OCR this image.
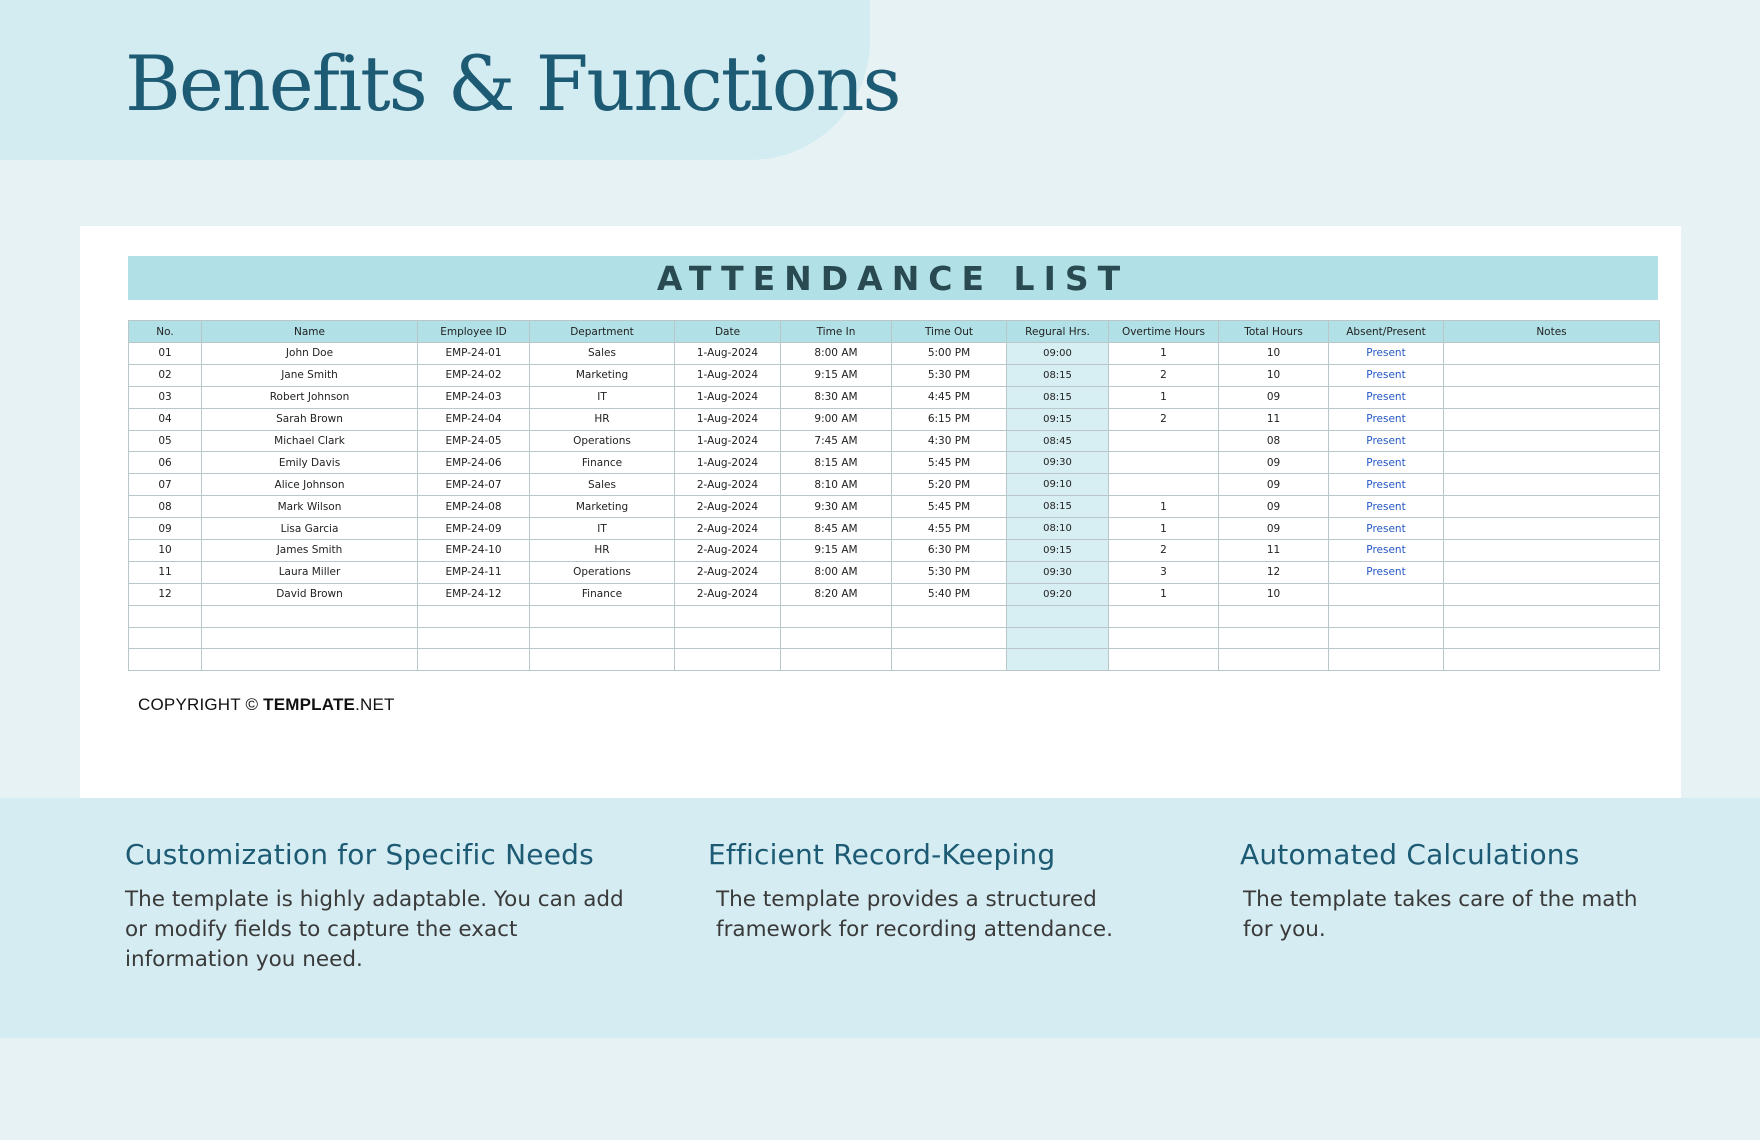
Benefits & Functions
ATTENDANCE LIST
No.	Name	Employee ID	Department	Date	Time In	Time Out	Regural Hrs.	Overtime Hours	Total Hours	Absent/Present	Notes
01	John Doe	EMP-24-01	Sales	1-Aug-2024	8:00 AM	5:00 PM	09:00	1	10	Present	
02	Jane Smith	EMP-24-02	Marketing	1-Aug-2024	9:15 AM	5:30 PM	08:15	2	10	Present	
03	Robert Johnson	EMP-24-03	IT	1-Aug-2024	8:30 AM	4:45 PM	08:15	1	09	Present	
04	Sarah Brown	EMP-24-04	HR	1-Aug-2024	9:00 AM	6:15 PM	09:15	2	11	Present	
05	Michael Clark	EMP-24-05	Operations	1-Aug-2024	7:45 AM	4:30 PM	08:45		08	Present	
06	Emily Davis	EMP-24-06	Finance	1-Aug-2024	8:15 AM	5:45 PM	09:30		09	Present	
07	Alice Johnson	EMP-24-07	Sales	2-Aug-2024	8:10 AM	5:20 PM	09:10		09	Present	
08	Mark Wilson	EMP-24-08	Marketing	2-Aug-2024	9:30 AM	5:45 PM	08:15	1	09	Present	
09	Lisa Garcia	EMP-24-09	IT	2-Aug-2024	8:45 AM	4:55 PM	08:10	1	09	Present	
10	James Smith	EMP-24-10	HR	2-Aug-2024	9:15 AM	6:30 PM	09:15	2	11	Present	
11	Laura Miller	EMP-24-11	Operations	2-Aug-2024	8:00 AM	5:30 PM	09:30	3	12	Present	
12	David Brown	EMP-24-12	Finance	2-Aug-2024	8:20 AM	5:40 PM	09:20	1	10		

COPYRIGHT © TEMPLATE.NET
Customization for Specific Needs

The template is highly adaptable. You can add or modify fields to capture the exact information you need.

Efficient Record-Keeping

The template provides a structured framework for recording attendance.

Automated Calculations

The template takes care of the math for you.
